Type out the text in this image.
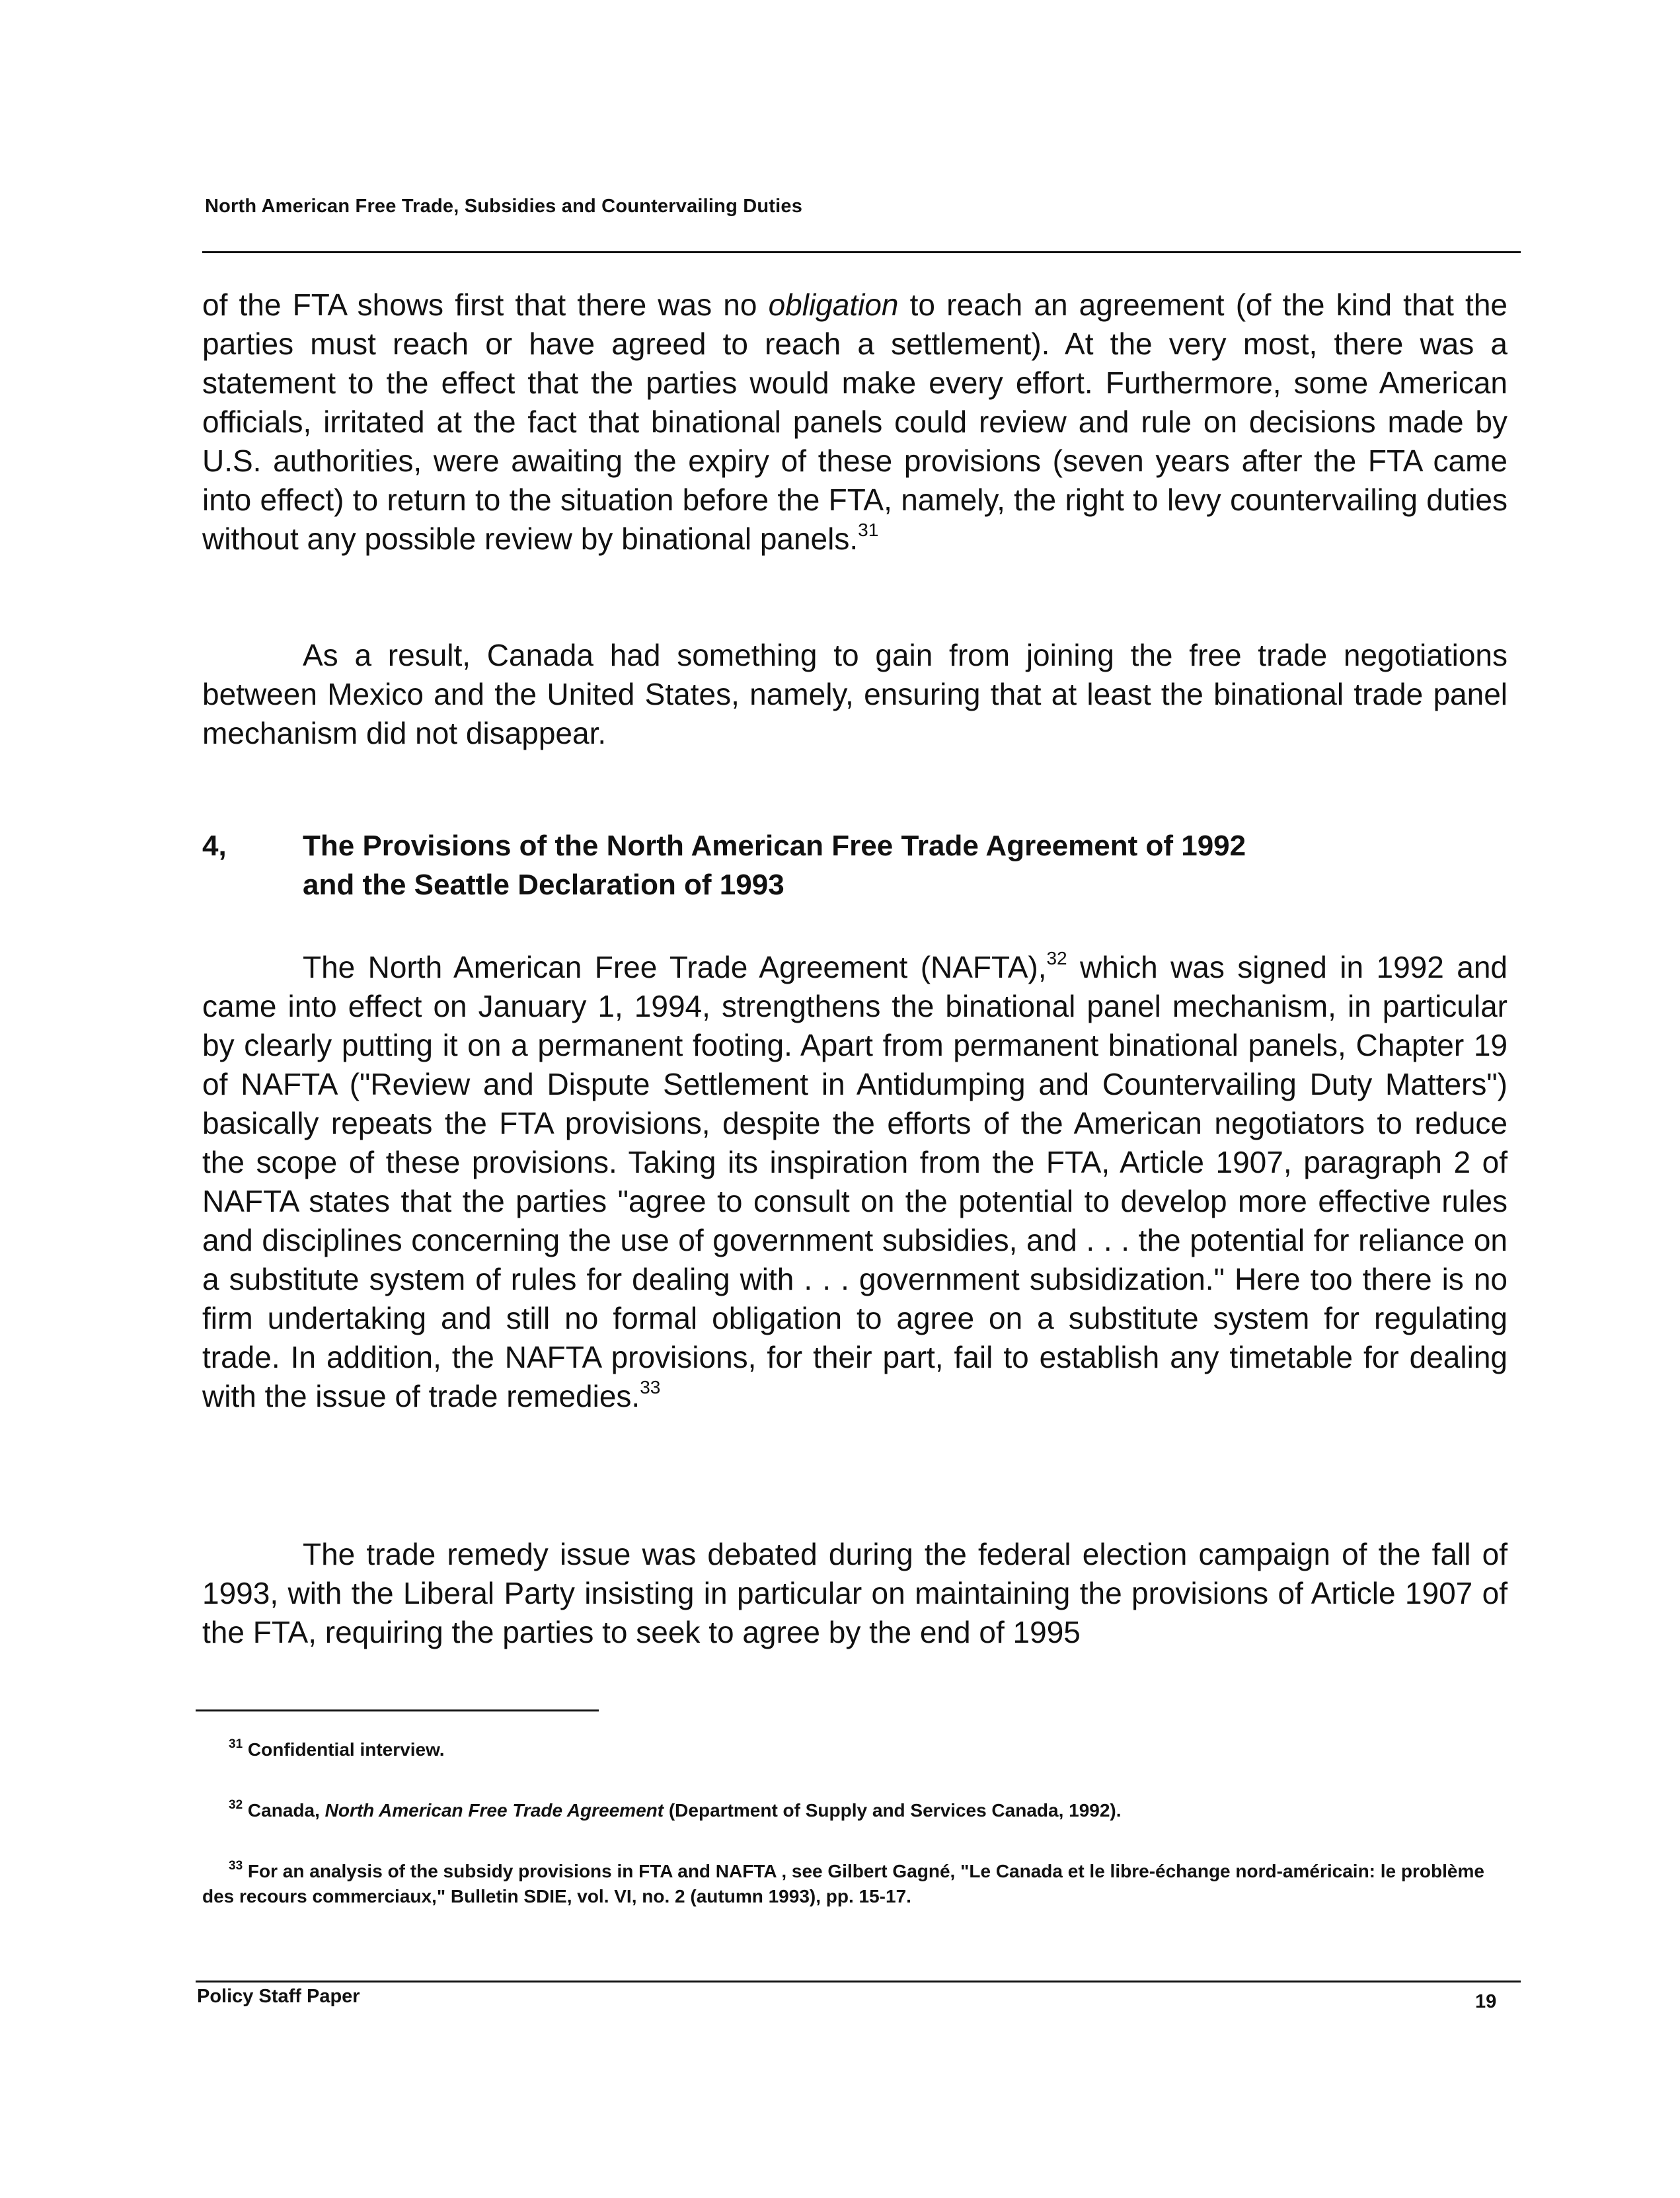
North American Free Trade, Subsidies and Countervailing Duties

of the FTA shows first that there was no obligation to reach an agreement (of the kind that the parties must reach or have agreed to reach a settlement). At the very most, there was a statement to the effect that the parties would make every effort. Furthermore, some American officials, irritated at the fact that binational panels could review and rule on decisions made by U.S. authorities, were awaiting the expiry of these provisions (seven years after the FTA came into effect) to return to the situation before the FTA, namely, the right to levy countervailing duties without any possible review by binational panels.$^{31}$

As a result, Canada had something to gain from joining the free trade negotiations between Mexico and the United States, namely, ensuring that at least the binational trade panel mechanism did not disappear.

4,	The Provisions of the North American Free Trade Agreement of 1992
and the Seattle Declaration of 1993

The North American Free Trade Agreement (NAFTA),$^{32}$ which was signed in 1992 and came into effect on January 1, 1994, strengthens the binational panel mechanism, in particular by clearly putting it on a permanent footing. Apart from permanent binational panels, Chapter 19 of NAFTA ("Review and Dispute Settlement in Antidumping and Countervailing Duty Matters") basically repeats the FTA provisions, despite the efforts of the American negotiators to reduce the scope of these provisions. Taking its inspiration from the FTA, Article 1907, paragraph 2 of NAFTA states that the parties "agree to consult on the potential to develop more effective rules and disciplines concerning the use of government subsidies, and . . . the potential for reliance on a substitute system of rules for dealing with . . . government subsidization." Here too there is no firm undertaking and still no formal obligation to agree on a substitute system for regulating trade. In addition, the NAFTA provisions, for their part, fail to establish any timetable for dealing with the issue of trade remedies.$^{33}$

The trade remedy issue was debated during the federal election campaign of the fall of 1993, with the Liberal Party insisting in particular on maintaining the provisions of Article 1907 of the FTA, requiring the parties to seek to agree by the end of 1995

$^{31}$ Confidential interview.
$^{32}$ Canada, North American Free Trade Agreement (Department of Supply and Services Canada, 1992).
$^{33}$ For an analysis of the subsidy provisions in FTA and NAFTA , see Gilbert Gagné, "Le Canada et le libre-échange nord-américain: le problème des recours commerciaux," Bulletin SDIE, vol. VI, no. 2 (autumn 1993), pp. 15-17.
Policy Staff Paper	19
